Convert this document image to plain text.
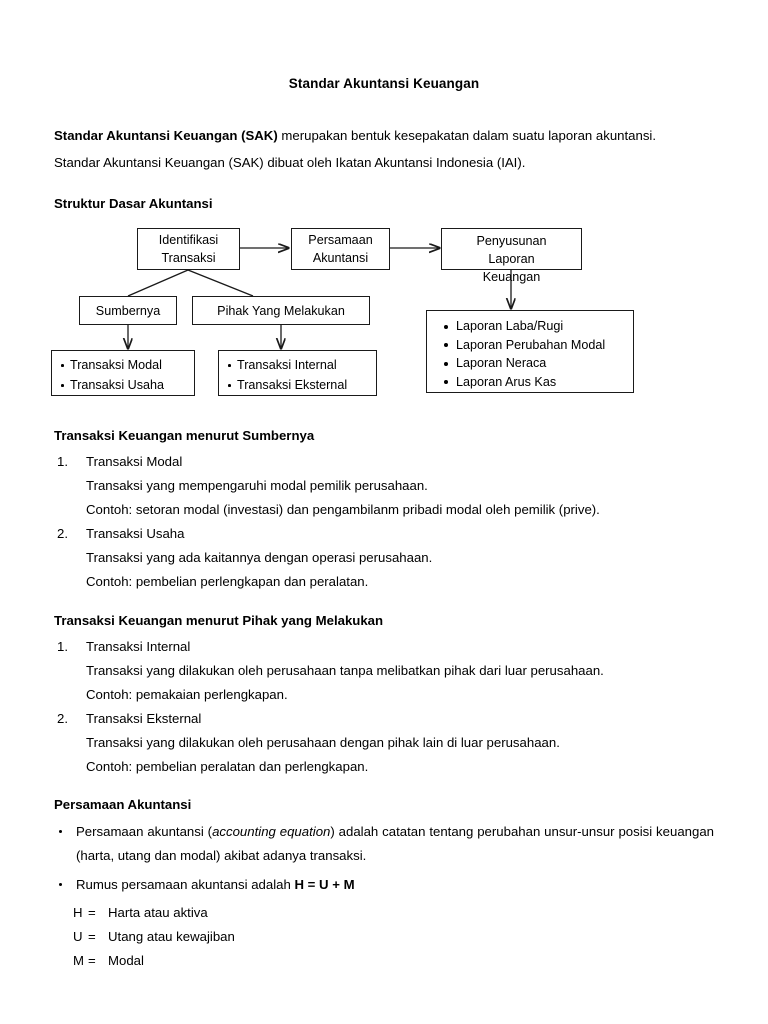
Standar Akuntansi Keuangan
Standar Akuntansi Keuangan (SAK) merupakan bentuk kesepakatan dalam suatu laporan akuntansi.
Standar Akuntansi Keuangan (SAK) dibuat oleh Ikatan Akuntansi Indonesia (IAI).
Struktur Dasar Akuntansi
Identifikasi
Transaksi
Persamaan
Akuntansi
Penyusunan
Laporan
Keuangan
Sumbernya	Pihak Yang Melakukan
Transaksi Modal
Transaksi Usaha
Transaksi Internal
Transaksi Eksternal
Laporan Laba/Rugi
Laporan Perubahan Modal
Laporan Neraca
Laporan Arus Kas
Transaksi Keuangan menurut Sumbernya
1.	Transaksi Modal
Transaksi yang mempengaruhi modal pemilik perusahaan.
Contoh: setoran modal (investasi) dan pengambilanm pribadi modal oleh pemilik (prive).
2.	Transaksi Usaha
Transaksi yang ada kaitannya dengan operasi perusahaan.
Contoh: pembelian perlengkapan dan peralatan.
Transaksi Keuangan menurut Pihak yang Melakukan
1.	Transaksi Internal
Transaksi yang dilakukan oleh perusahaan tanpa melibatkan pihak dari luar perusahaan.
Contoh: pemakaian perlengkapan.
2.	Transaksi Eksternal
Transaksi yang dilakukan oleh perusahaan dengan pihak lain di luar perusahaan.
Contoh: pembelian peralatan dan perlengkapan.
Persamaan Akuntansi
Persamaan akuntansi (accounting equation) adalah catatan tentang perubahan unsur-unsur posisi keuangan (harta, utang dan modal) akibat adanya transaksi.
Rumus persamaan akuntansi adalah H = U + M
H = Harta atau aktiva
U = Utang atau kewajiban
M = Modal
